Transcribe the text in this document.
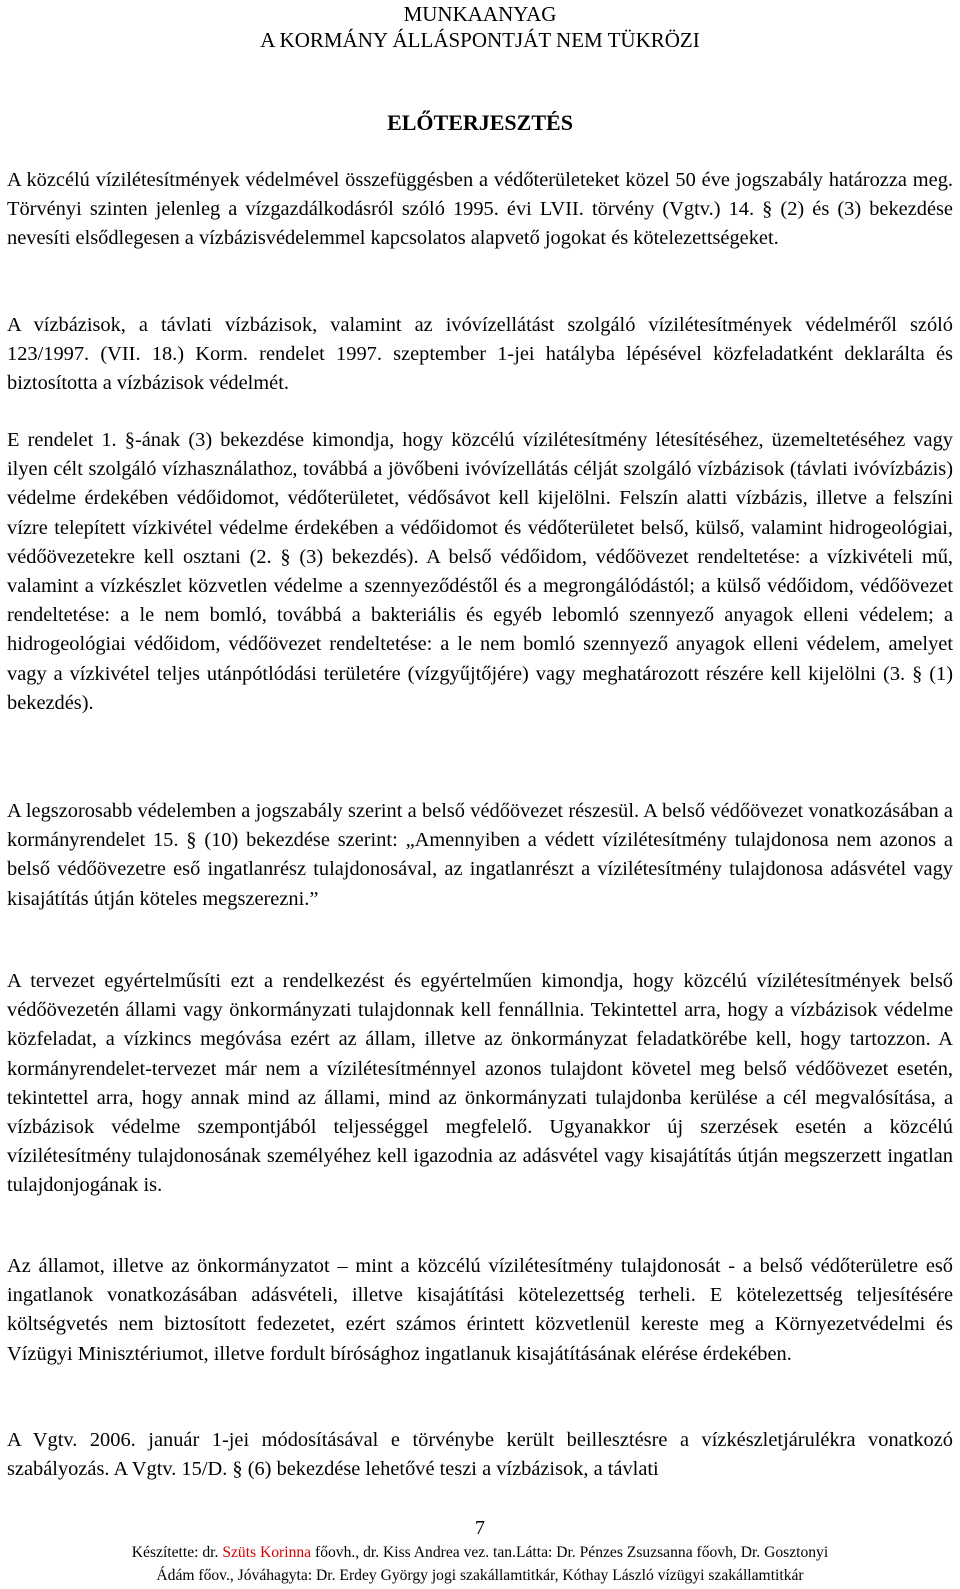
MUNKAANYAG
A KORMÁNY ÁLLÁSPONTJÁT NEM TÜKRÖZI
ELŐTERJESZTÉS

A közcélú vízilétesítmények védelmével összefüggésben a védőterületeket közel 50 éve jogszabály határozza meg. Törvényi szinten jelenleg a vízgazdálkodásról szóló 1995. évi LVII. törvény (Vgtv.) 14. § (2) és (3) bekezdése nevesíti elsődlegesen a vízbázisvédelemmel kapcsolatos alapvető jogokat és kötelezettségeket.

A vízbázisok, a távlati vízbázisok, valamint az ivóvízellátást szolgáló vízilétesítmények védelméről szóló 123/1997. (VII. 18.) Korm. rendelet 1997. szeptember 1-jei hatályba lépésével közfeladatként deklarálta és biztosította a vízbázisok védelmét.

E rendelet 1. §-ának (3) bekezdése kimondja, hogy közcélú vízilétesítmény létesítéséhez, üzemeltetéséhez vagy ilyen célt szolgáló vízhasználathoz, továbbá a jövőbeni ivóvízellátás célját szolgáló vízbázisok (távlati ivóvízbázis) védelme érdekében védőidomot, védőterületet, védősávot kell kijelölni. Felszín alatti vízbázis, illetve a felszíni vízre telepített vízkivétel védelme érdekében a védőidomot és védőterületet belső, külső, valamint hidrogeológiai, védőövezetekre kell osztani (2. § (3) bekezdés). A belső védőidom, védőövezet rendeltetése: a vízkivételi mű, valamint a vízkészlet közvetlen védelme a szennyeződéstől és a megrongálódástól; a külső védőidom, védőövezet rendeltetése: a le nem bomló, továbbá a bakteriális és egyéb lebomló szennyező anyagok elleni védelem; a hidrogeológiai védőidom, védőövezet rendeltetése: a le nem bomló szennyező anyagok elleni védelem, amelyet vagy a vízkivétel teljes utánpótlódási területére (vízgyűjtőjére) vagy meghatározott részére kell kijelölni (3. § (1) bekezdés).

A legszorosabb védelemben a jogszabály szerint a belső védőövezet részesül. A belső védőövezet vonatkozásában a kormányrendelet 15. § (10) bekezdése szerint: „Amennyiben a védett vízilétesítmény tulajdonosa nem azonos a belső védőövezetre eső ingatlanrész tulajdonosával, az ingatlanrészt a vízilétesítmény tulajdonosa adásvétel vagy kisajátítás útján köteles megszerezni.”

A tervezet egyértelműsíti ezt a rendelkezést és egyértelműen kimondja, hogy közcélú vízilétesítmények belső védőövezetén állami vagy önkormányzati tulajdonnak kell fennállnia. Tekintettel arra, hogy a vízbázisok védelme közfeladat, a vízkincs megóvása ezért az állam, illetve az önkormányzat feladatkörébe kell, hogy tartozzon. A kormányrendelet-tervezet már nem a vízilétesítménnyel azonos tulajdont követel meg belső védőövezet esetén, tekintettel arra, hogy annak mind az állami, mind az önkormányzati tulajdonba kerülése a cél megvalósítása, a vízbázisok védelme szempontjából teljességgel megfelelő. Ugyanakkor új szerzések esetén a közcélú vízilétesítmény tulajdonosának személyéhez kell igazodnia az adásvétel vagy kisajátítás útján megszerzett ingatlan tulajdonjogának is.

Az államot, illetve az önkormányzatot – mint a közcélú vízilétesítmény tulajdonosát - a belső védőterületre eső ingatlanok vonatkozásában adásvételi, illetve kisajátítási kötelezettség terheli. E kötelezettség teljesítésére költségvetés nem biztosított fedezetet, ezért számos érintett közvetlenül kereste meg a Környezetvédelmi és Vízügyi Minisztériumot, illetve fordult bírósághoz ingatlanuk kisajátításának elérése érdekében.

A Vgtv. 2006. január 1-jei módosításával e törvénybe került beillesztésre a vízkészletjárulékra vonatkozó szabályozás. A Vgtv. 15/D. § (6) bekezdése lehetővé teszi a vízbázisok, a távlati

7
Készítette: dr. Szüts Korinna főovh., dr. Kiss Andrea vez. tan.Látta: Dr. Pénzes Zsuzsanna főovh, Dr. Gosztonyi
Ádám főov., Jóváhagyta: Dr. Erdey György jogi szakállamtitkár, Kóthay László vízügyi szakállamtitkár
